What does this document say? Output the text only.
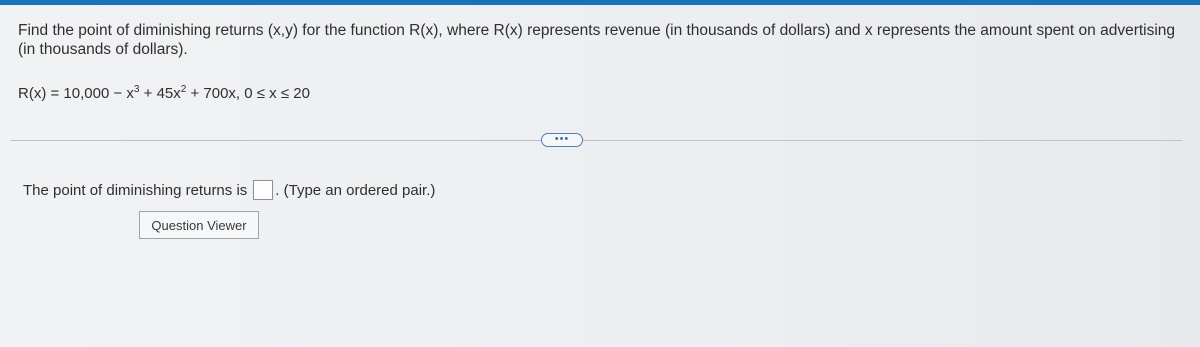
Find the point of diminishing returns (x,y) for the function R(x), where R(x) represents revenue (in thousands of dollars) and x represents the amount spent on advertising (in thousands of dollars).
$R(x) = 10,000 - x^3 + 45x^2 + 700x$, 0 ≤ x ≤ 20
•••
The point of diminishing returns is . (Type an ordered pair.)
Question Viewer
